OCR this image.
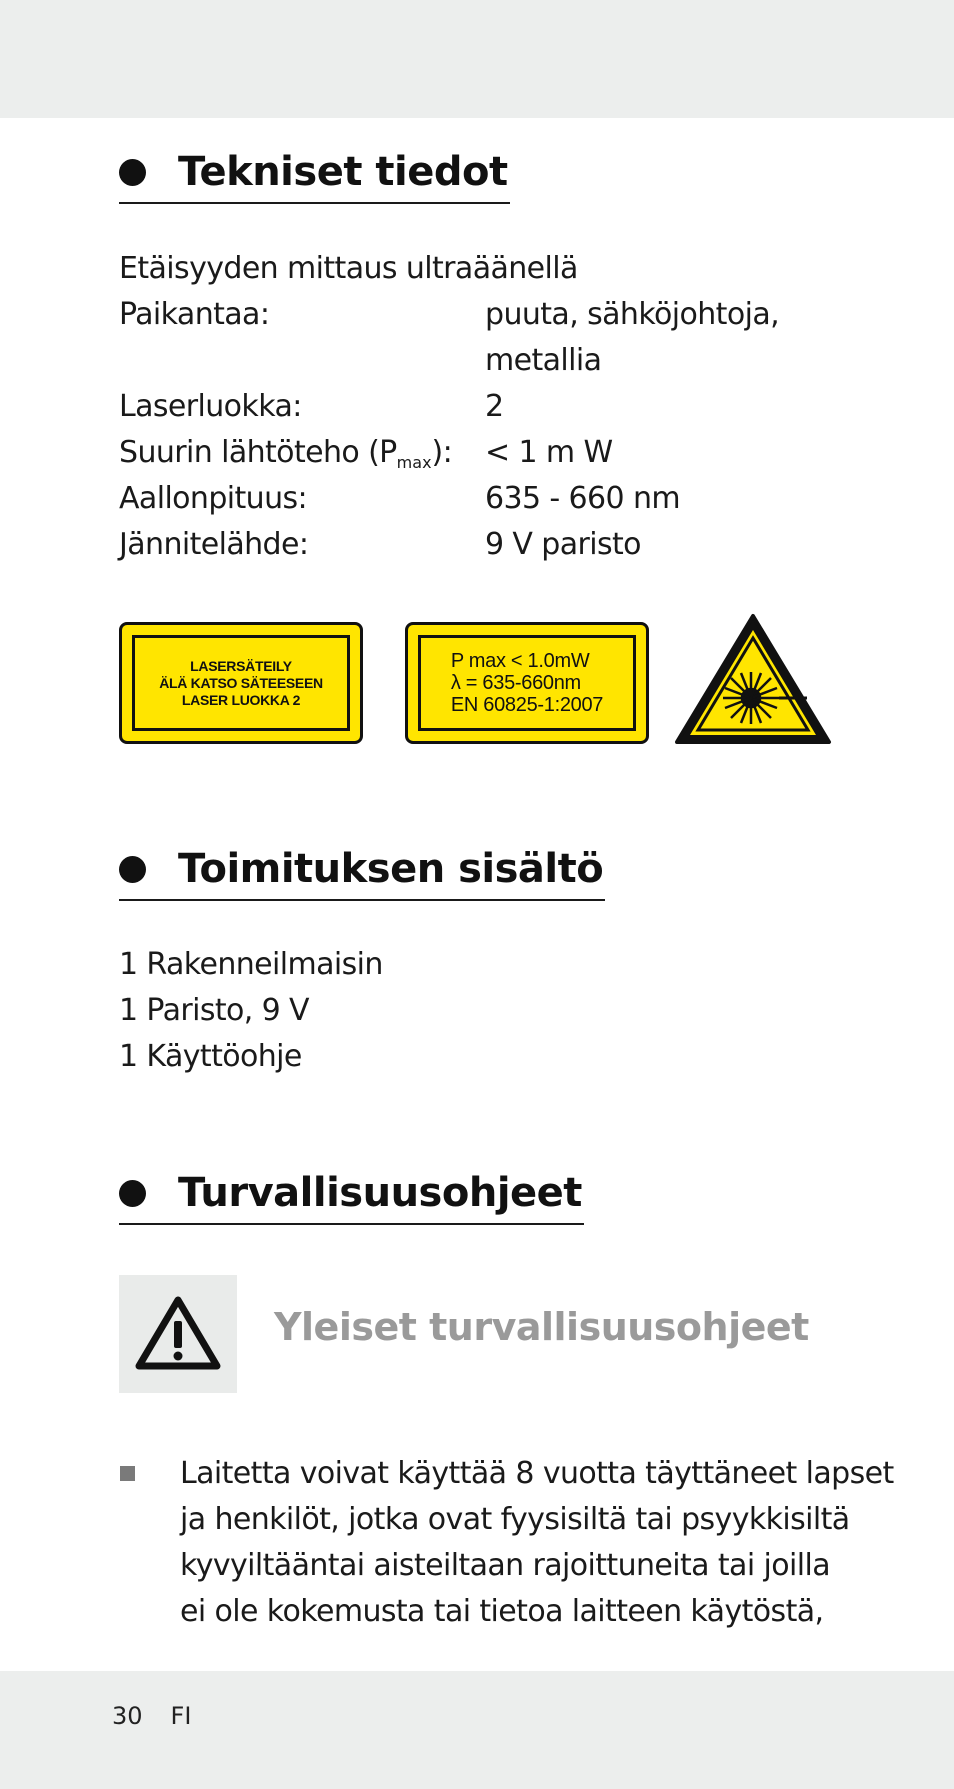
Tekniset tiedot
Etäisyyden mittaus ultraäänellä
Paikantaa:	puuta, sähköjohtoja,
metallia
Laserluokka:	2
Suurin lähtöteho $(P_{max})$: < 1 m W
Aallonpituus:	635 - 660 nm
Jännitelähde:	9 V paristo
LASERSÄTEILY
ÄLÄ KATSO SÄTEESEEN
LASER LUOKKA 2
P max < 1.0mW
λ = 635-660nm
EN 60825-1:2007
Toimituksen sisältö
1 Rakenneilmaisin
1 Paristo, 9 V
1 Käyttöohje
Turvallisuusohjeet
Yleiset turvallisuusohjeet
Laitetta voivat käyttää 8 vuotta täyttäneet lapset
ja henkilöt, jotka ovat fyysisiltä tai psyykkisiltä
kyvyiltääntai aisteiltaan rajoittuneita tai joilla
ei ole kokemusta tai tietoa laitteen käytöstä,
30 FI
